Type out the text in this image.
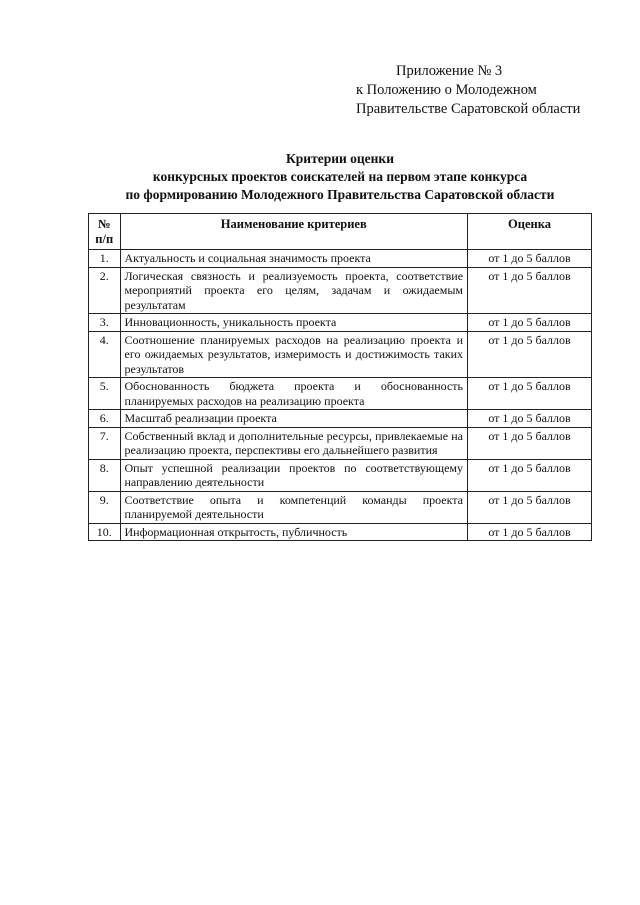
Приложение № 3
к Положению о Молодежном
Правительстве Саратовской области
Критерии оценки
конкурсных проектов соискателей на первом этапе конкурса
по формированию Молодежного Правительства Саратовской области
№ п/п	Наименование критериев	Оценка
1.	Актуальность и социальная значимость проекта	от 1 до 5 баллов
2.	Логическая связность и реализуемость проекта, соответствие мероприятий проекта его целям, задачам и ожидаемым результатам	от 1 до 5 баллов
3.	Инновационность, уникальность проекта	от 1 до 5 баллов
4.	Соотношение планируемых расходов на реализацию проекта и его ожидаемых результатов, измеримость и достижимость таких результатов	от 1 до 5 баллов
5.	Обоснованность бюджета проекта и обоснованность планируемых расходов на реализацию проекта	от 1 до 5 баллов
6.	Масштаб реализации проекта	от 1 до 5 баллов
7.	Собственный вклад и дополнительные ресурсы, привлекаемые на реализацию проекта, перспективы его дальнейшего развития	от 1 до 5 баллов
8.	Опыт успешной реализации проектов по соответствующему направлению деятельности	от 1 до 5 баллов
9.	Соответствие опыта и компетенций команды проекта планируемой деятельности	от 1 до 5 баллов
10.	Информационная открытость, публичность	от 1 до 5 баллов
